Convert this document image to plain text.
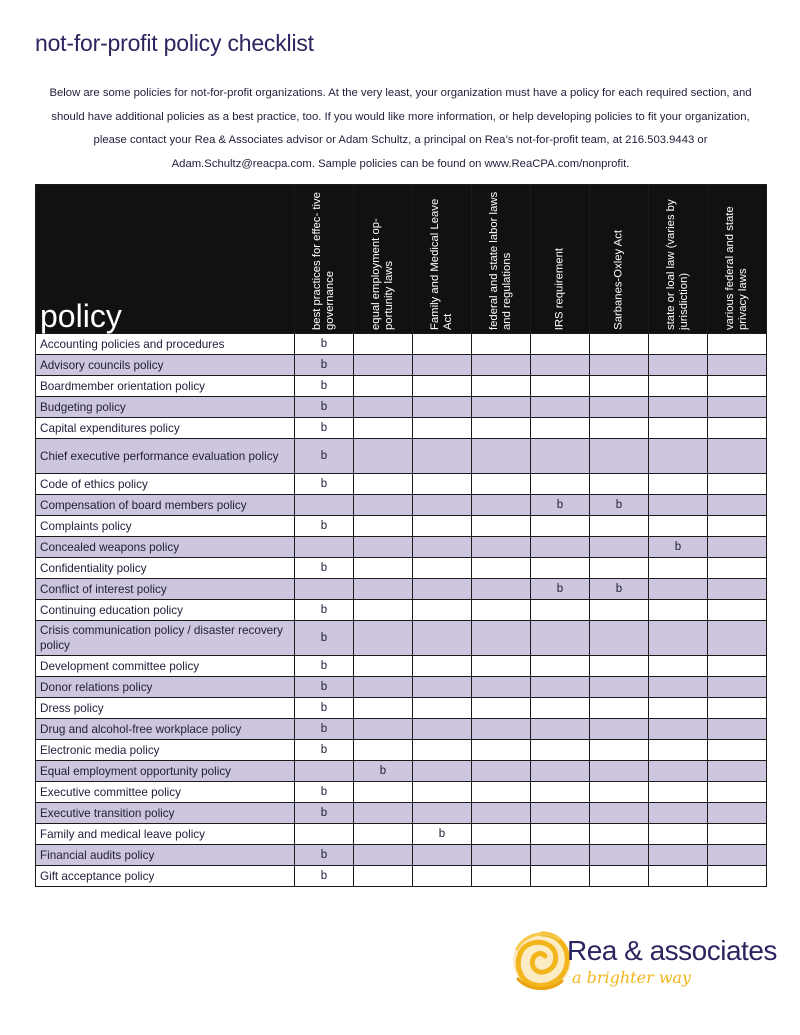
not-for-profit policy checklist
Below are some policies for not-for-profit organizations. At the very least, your organization must have a policy for each required section, and should have additional policies as a best practice, too. If you would like more information, or help developing policies to fit your organization, please contact your Rea & Associates advisor or Adam Schultz, a principal on Rea’s not-for-profit team, at 216.503.9443 or Adam.Schultz@reacpa.com. Sample policies can be found on www.ReaCPA.com/nonprofit.
policy	best practices for effec- tive governance	equal employment op- portunity laws	Family and Medical Leave Act	federal and state labor laws and regulations	IRS requirement	Sarbanes-Oxley Act	state or loal law (varies by jurisdiction)	various federal and state privacy laws

Accounting policies and procedures	b							
Advisory councils policy	b							
Boardmember orientation policy	b							
Budgeting policy	b							
Capital expenditures policy	b							
Chief executive performance evaluation policy	b							
Code of ethics policy	b							
Compensation of board members policy					b	b		
Complaints policy	b							
Concealed weapons policy							b	
Confidentiality policy	b							
Conflict of interest policy					b	b		
Continuing education policy	b							
Crisis communication policy / disaster recovery policy	b							
Development committee policy	b							
Donor relations policy	b							
Dress policy	b							
Drug and alcohol-free workplace policy	b							
Electronic media policy	b							
Equal employment opportunity policy		b						
Executive committee policy	b							
Executive transition policy	b							
Family and medical leave policy			b					
Financial audits policy	b							
Gift acceptance policy	b							
Rea & associates
a brighter way
